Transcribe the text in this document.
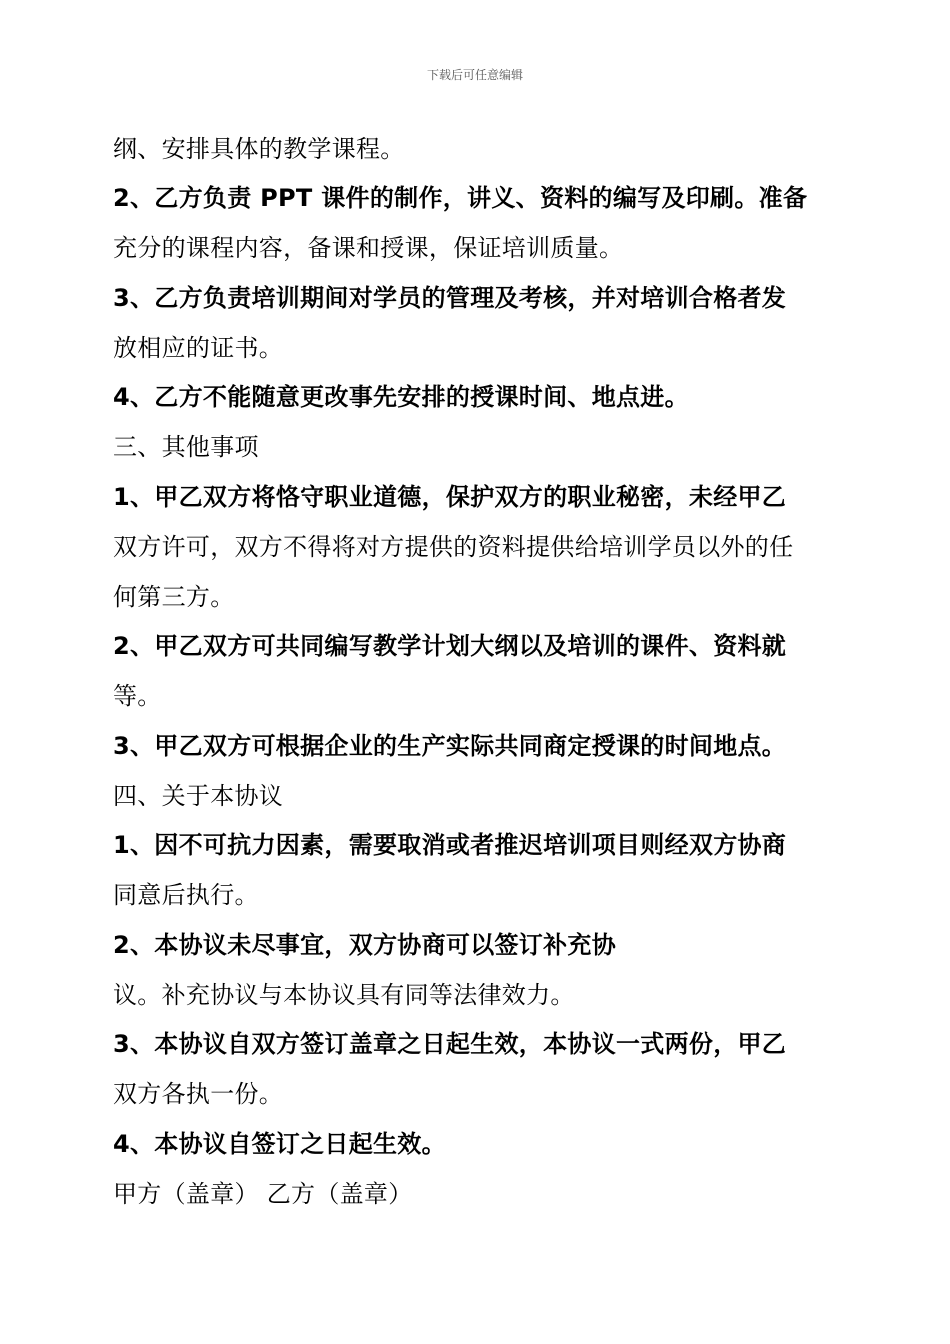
下载后可任意编辑
纲、安排具体的教学课程。
2、乙方负责 PPT 课件的制作，讲义、资料的编写及印刷。准备
充分的课程内容，备课和授课，保证培训质量。
3、乙方负责培训期间对学员的管理及考核，并对培训合格者发
放相应的证书。
4、乙方不能随意更改事先安排的授课时间、地点进。
三、其他事项
1、甲乙双方将恪守职业道德，保护双方的职业秘密，未经甲乙
双方许可，双方不得将对方提供的资料提供给培训学员以外的任
何第三方。
2、甲乙双方可共同编写教学计划大纲以及培训的课件、资料就
等。
3、甲乙双方可根据企业的生产实际共同商定授课的时间地点。
四、关于本协议
1、因不可抗力因素，需要取消或者推迟培训项目则经双方协商
同意后执行。
2、本协议未尽事宜，双方协商可以签订补充协
议。补充协议与本协议具有同等法律效力。
3、本协议自双方签订盖章之日起生效，本协议一式两份，甲乙
双方各执一份。
4、本协议自签订之日起生效。
甲方（盖章） 乙方（盖章）
